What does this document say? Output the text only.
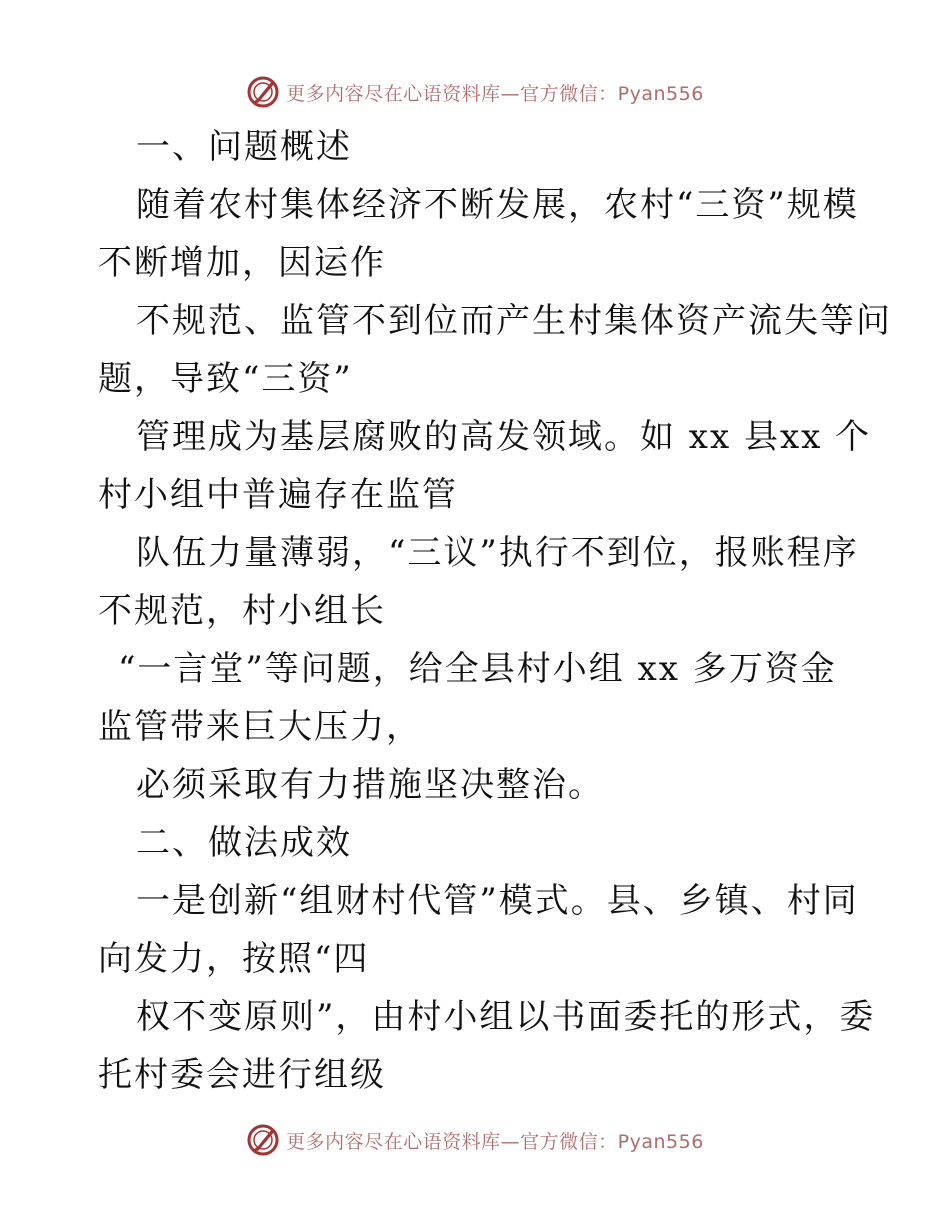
更多内容尽在心语资料库—官方微信：Pyan556
一、问题概述
随着农村集体经济不断发展，农村“三资”规模
不断增加，因运作
不规范、监管不到位而产生村集体资产流失等问
题，导致“三资”
管理成为基层腐败的高发领域。如 xx 县xx 个
村小组中普遍存在监管
队伍力量薄弱，“三议”执行不到位，报账程序
不规范，村小组长
“一言堂”等问题，给全县村小组 xx 多万资金
监管带来巨大压力，
必须采取有力措施坚决整治。
二、做法成效
一是创新“组财村代管”模式。县、乡镇、村同
向发力，按照“四
权不变原则”，由村小组以书面委托的形式，委
托村委会进行组级
更多内容尽在心语资料库—官方微信：Pyan556
